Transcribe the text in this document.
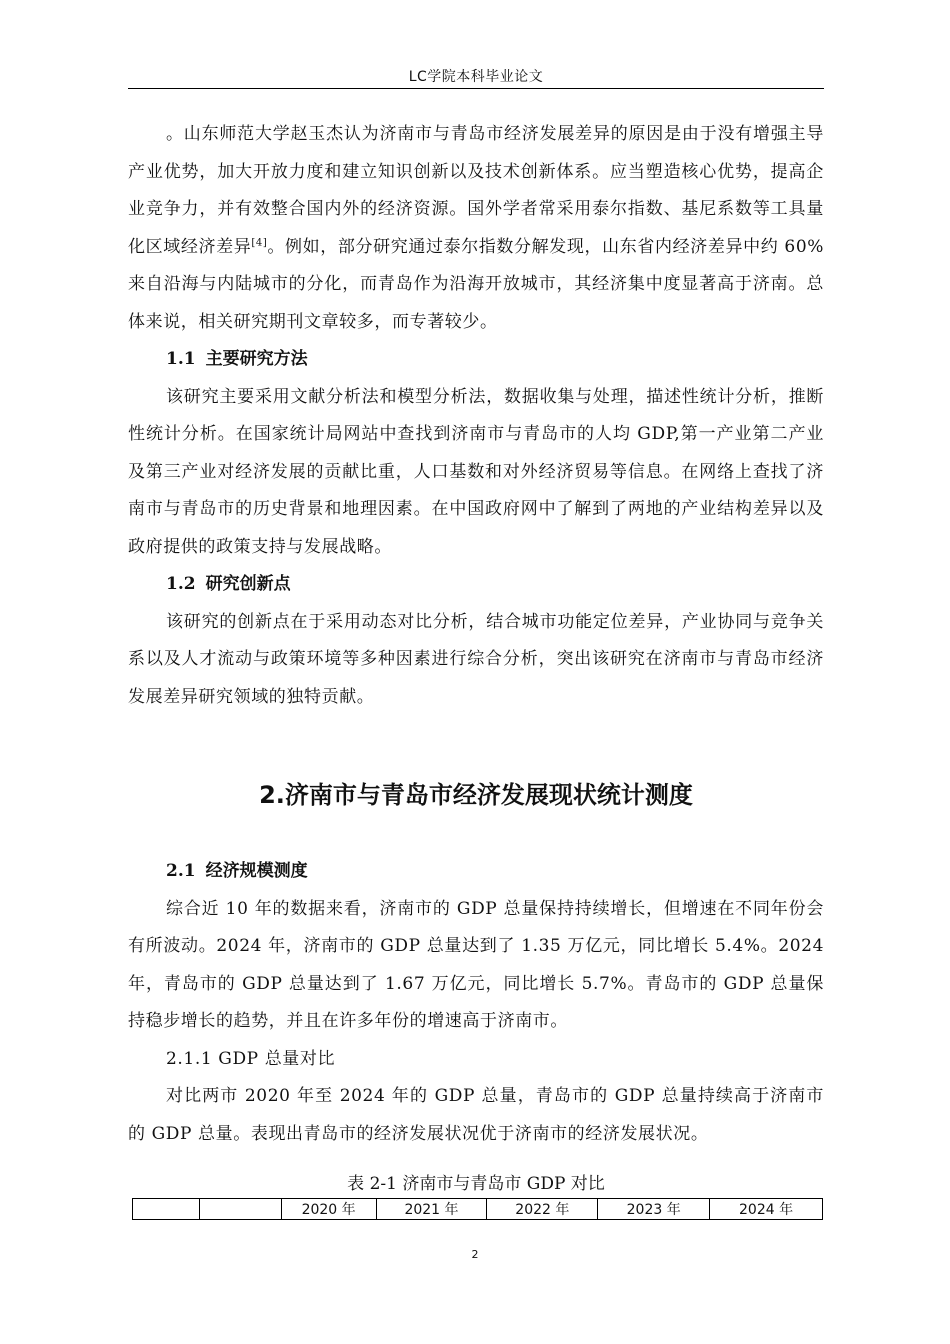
LC学院本科毕业论文

。山东师范大学赵玉杰认为济南市与青岛市经济发展差异的原因是由于没有增强主导产业优势，加大开放力度和建立知识创新以及技术创新体系。应当塑造核心优势，提高企业竞争力，并有效整合国内外的经济资源。国外学者常采用泰尔指数、基尼系数等工具量化区域经济差异[4]。例如，部分研究通过泰尔指数分解发现，山东省内经济差异中约 60% 来自沿海与内陆城市的分化，而青岛作为沿海开放城市，其经济集中度显著高于济南。总体来说，相关研究期刊文章较多，而专著较少。

1.1 主要研究方法

该研究主要采用文献分析法和模型分析法，数据收集与处理，描述性统计分析，推断性统计分析。在国家统计局网站中查找到济南市与青岛市的人均 GDP,第一产业第二产业及第三产业对经济发展的贡献比重，人口基数和对外经济贸易等信息。在网络上查找了济南市与青岛市的历史背景和地理因素。在中国政府网中了解到了两地的产业结构差异以及 政府提供的政策支持与发展战略。

1.2 研究创新点

该研究的创新点在于采用动态对比分析，结合城市功能定位差异，产业协同与竞争关系以及人才流动与政策环境等多种因素进行综合分析，突出该研究在济南市与青岛市经济发展差异研究领域的独特贡献。

2.济南市与青岛市经济发展现状统计测度
2.1 经济规模测度

综合近 10 年的数据来看，济南市的 GDP 总量保持持续增长，但增速在不同年份会有所波动。2024 年，济南市的 GDP 总量达到了 1.35 万亿元，同比增长 5.4%。2024 年，青岛市的 GDP 总量达到了 1.67 万亿元，同比增长 5.7%。青岛市的 GDP 总量保持稳步增长的趋势，并且在许多年份的增速高于济南市。

2.1.1 GDP 总量对比

对比两市 2020 年至 2024 年的 GDP 总量，青岛市的 GDP 总量持续高于济南市的 GDP 总量。表现出青岛市的经济发展状况优于济南市的经济发展状况。

表 2-1 济南市与青岛市 GDP 对比
		2020 年	2021 年	2022 年	2023 年	2024 年
2
